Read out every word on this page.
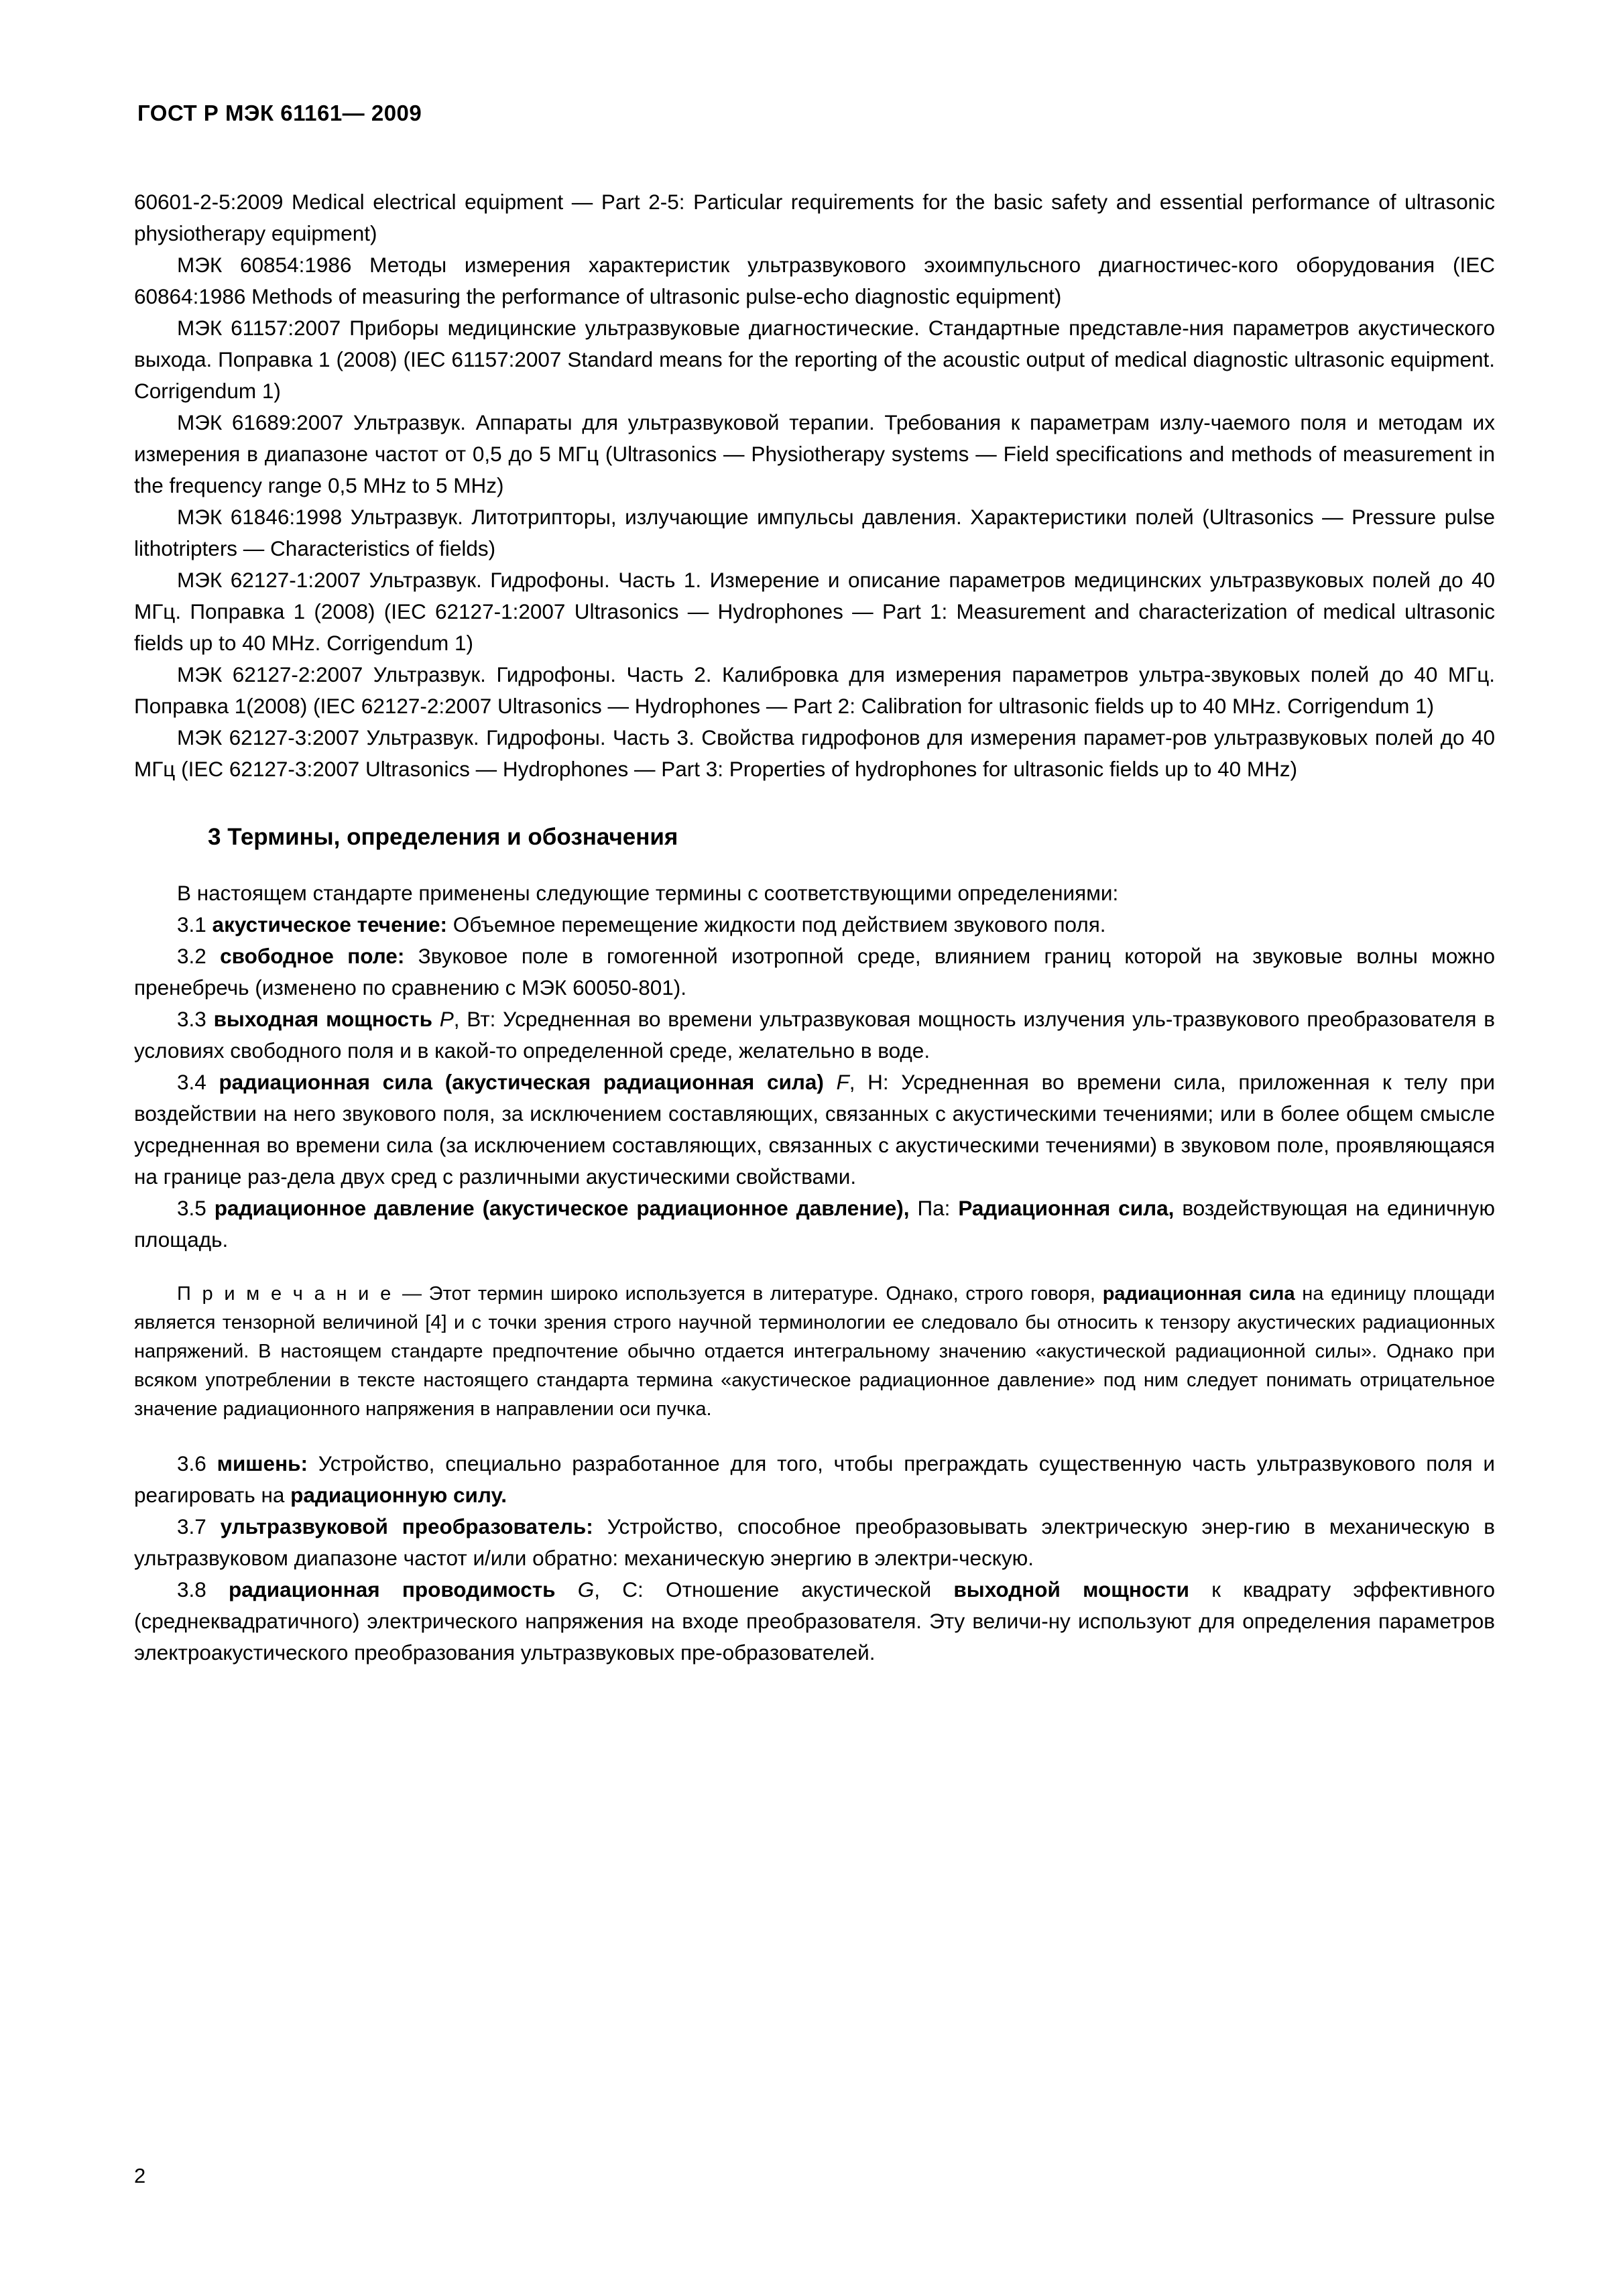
ГОСТ Р МЭК 61161— 2009

60601-2-5:2009 Medical electrical equipment — Part 2-5: Particular requirements for the basic safety and essential performance of ultrasonic physiotherapy equipment)

МЭК 60854:1986 Методы измерения характеристик ультразвукового эхоимпульсного диагностичес-кого оборудования (IEC 60864:1986 Methods of measuring the performance of ultrasonic pulse-echo diagnostic equipment)

МЭК 61157:2007 Приборы медицинские ультразвуковые диагностические. Стандартные представле-ния параметров акустического выхода. Поправка 1 (2008) (IEC 61157:2007 Standard means for the reporting of the acoustic output of medical diagnostic ultrasonic equipment. Corrigendum 1)

МЭК 61689:2007 Ультразвук. Аппараты для ультразвуковой терапии. Требования к параметрам излу-чаемого поля и методам их измерения в диапазоне частот от 0,5 до 5 МГц (Ultrasonics — Physiotherapy systems — Field specifications and methods of measurement in the frequency range 0,5 MHz to 5 MHz)

МЭК 61846:1998 Ультразвук. Литотрипторы, излучающие импульсы давления. Характеристики полей (Ultrasonics — Pressure pulse lithotripters — Characteristics of fields)

МЭК 62127-1:2007 Ультразвук. Гидрофоны. Часть 1. Измерение и описание параметров медицинских ультразвуковых полей до 40 МГц. Поправка 1 (2008) (IEC 62127-1:2007 Ultrasonics — Hydrophones — Part 1: Measurement and characterization of medical ultrasonic fields up to 40 MHz. Corrigendum 1)

МЭК 62127-2:2007 Ультразвук. Гидрофоны. Часть 2. Калибровка для измерения параметров ультра-звуковых полей до 40 МГц. Поправка 1(2008) (IEC 62127-2:2007 Ultrasonics — Hydrophones — Part 2: Calibration for ultrasonic fields up to 40 MHz. Corrigendum 1)

МЭК 62127-3:2007 Ультразвук. Гидрофоны. Часть 3. Свойства гидрофонов для измерения парамет-ров ультразвуковых полей до 40 МГц (IEC 62127-3:2007 Ultrasonics — Hydrophones — Part 3: Properties of hydrophones for ultrasonic fields up to 40 MHz)

3 Термины, определения и обозначения

В настоящем стандарте применены следующие термины с соответствующими определениями:

3.1 акустическое течение: Объемное перемещение жидкости под действием звукового поля.

3.2 свободное поле: Звуковое поле в гомогенной изотропной среде, влиянием границ которой на звуковые волны можно пренебречь (изменено по сравнению с МЭК 60050-801).

3.3 выходная мощность P, Вт: Усредненная во времени ультразвуковая мощность излучения уль-тразвукового преобразователя в условиях свободного поля и в какой-то определенной среде, желательно в воде.

3.4 радиационная сила (акустическая радиационная сила) F, Н: Усредненная во времени сила, приложенная к телу при воздействии на него звукового поля, за исключением составляющих, связанных с акустическими течениями; или в более общем смысле усредненная во времени сила (за исключением составляющих, связанных с акустическими течениями) в звуковом поле, проявляющаяся на границе раз-дела двух сред с различными акустическими свойствами.

3.5 радиационное давление (акустическое радиационное давление), Па: Радиационная сила, воздействующая на единичную площадь.

П р и м е ч а н и е — Этот термин широко используется в литературе. Однако, строго говоря, радиационная сила на единицу площади является тензорной величиной [4] и с точки зрения строго научной терминологии ее следовало бы относить к тензору акустических радиационных напряжений. В настоящем стандарте предпочтение обычно отдается интегральному значению «акустической радиационной силы». Однако при всяком употреблении в тексте настоящего стандарта термина «акустическое радиационное давление» под ним следует понимать отрицательное значение радиационного напряжения в направлении оси пучка.

3.6 мишень: Устройство, специально разработанное для того, чтобы преграждать существенную часть ультразвукового поля и реагировать на радиационную силу.

3.7 ультразвуковой преобразователь: Устройство, способное преобразовывать электрическую энер-гию в механическую в ультразвуковом диапазоне частот и/или обратно: механическую энергию в электри-ческую.

3.8 радиационная проводимость G, С: Отношение акустической выходной мощности к квадрату эффективного (среднеквадратичного) электрического напряжения на входе преобразователя. Эту величи-ну используют для определения параметров электроакустического преобразования ультразвуковых пре-образователей.

2
